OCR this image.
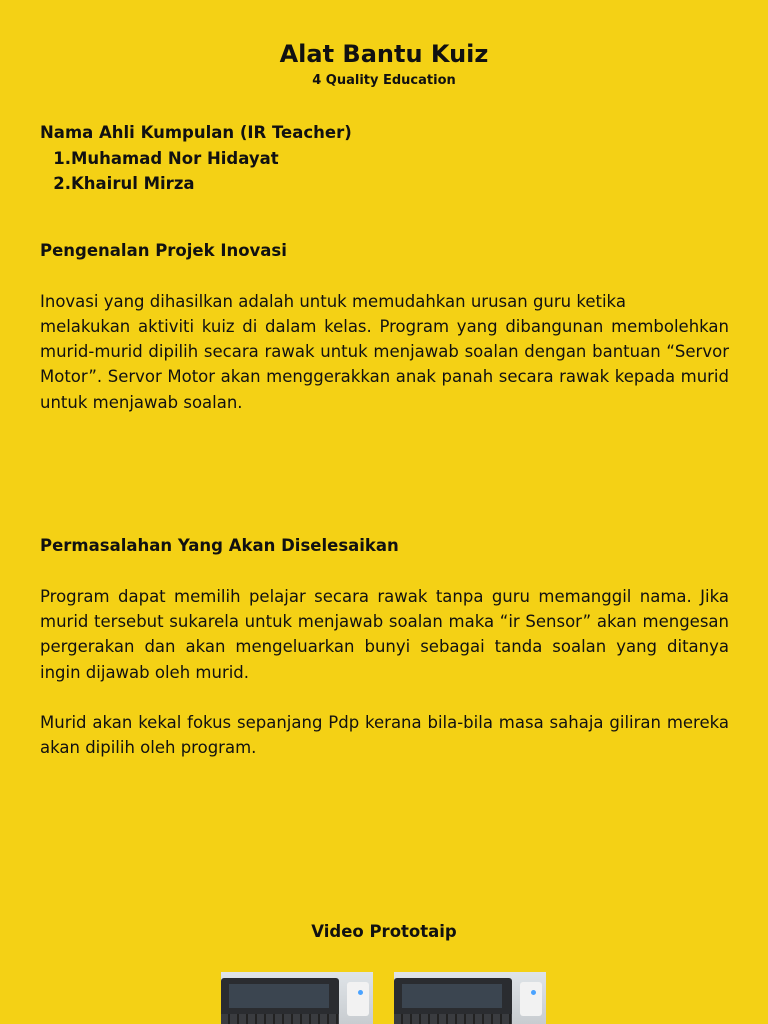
Alat Bantu Kuiz
4 Quality Education
Nama Ahli Kumpulan (IR Teacher)
1. Muhamad Nor Hidayat
2. Khairul Mirza
Pengenalan Projek Inovasi

Inovasi yang dihasilkan adalah untuk memudahkan urusan guru ketika

melakukan aktiviti kuiz di dalam kelas. Program yang dibangunan membolehkan murid-murid dipilih secara rawak untuk menjawab soalan dengan bantuan “Servor Motor”. Servor Motor akan menggerakkan anak panah secara rawak kepada murid untuk menjawab soalan.

Permasalahan Yang Akan Diselesaikan

Program dapat memilih pelajar secara rawak tanpa guru memanggil nama. Jika murid tersebut sukarela untuk menjawab soalan maka “ir Sensor” akan mengesan pergerakan dan akan mengeluarkan bunyi sebagai tanda soalan yang ditanya ingin dijawab oleh murid.

Murid akan kekal fokus sepanjang Pdp kerana bila-bila masa sahaja giliran mereka akan dipilih oleh program.

Video Prototaip
